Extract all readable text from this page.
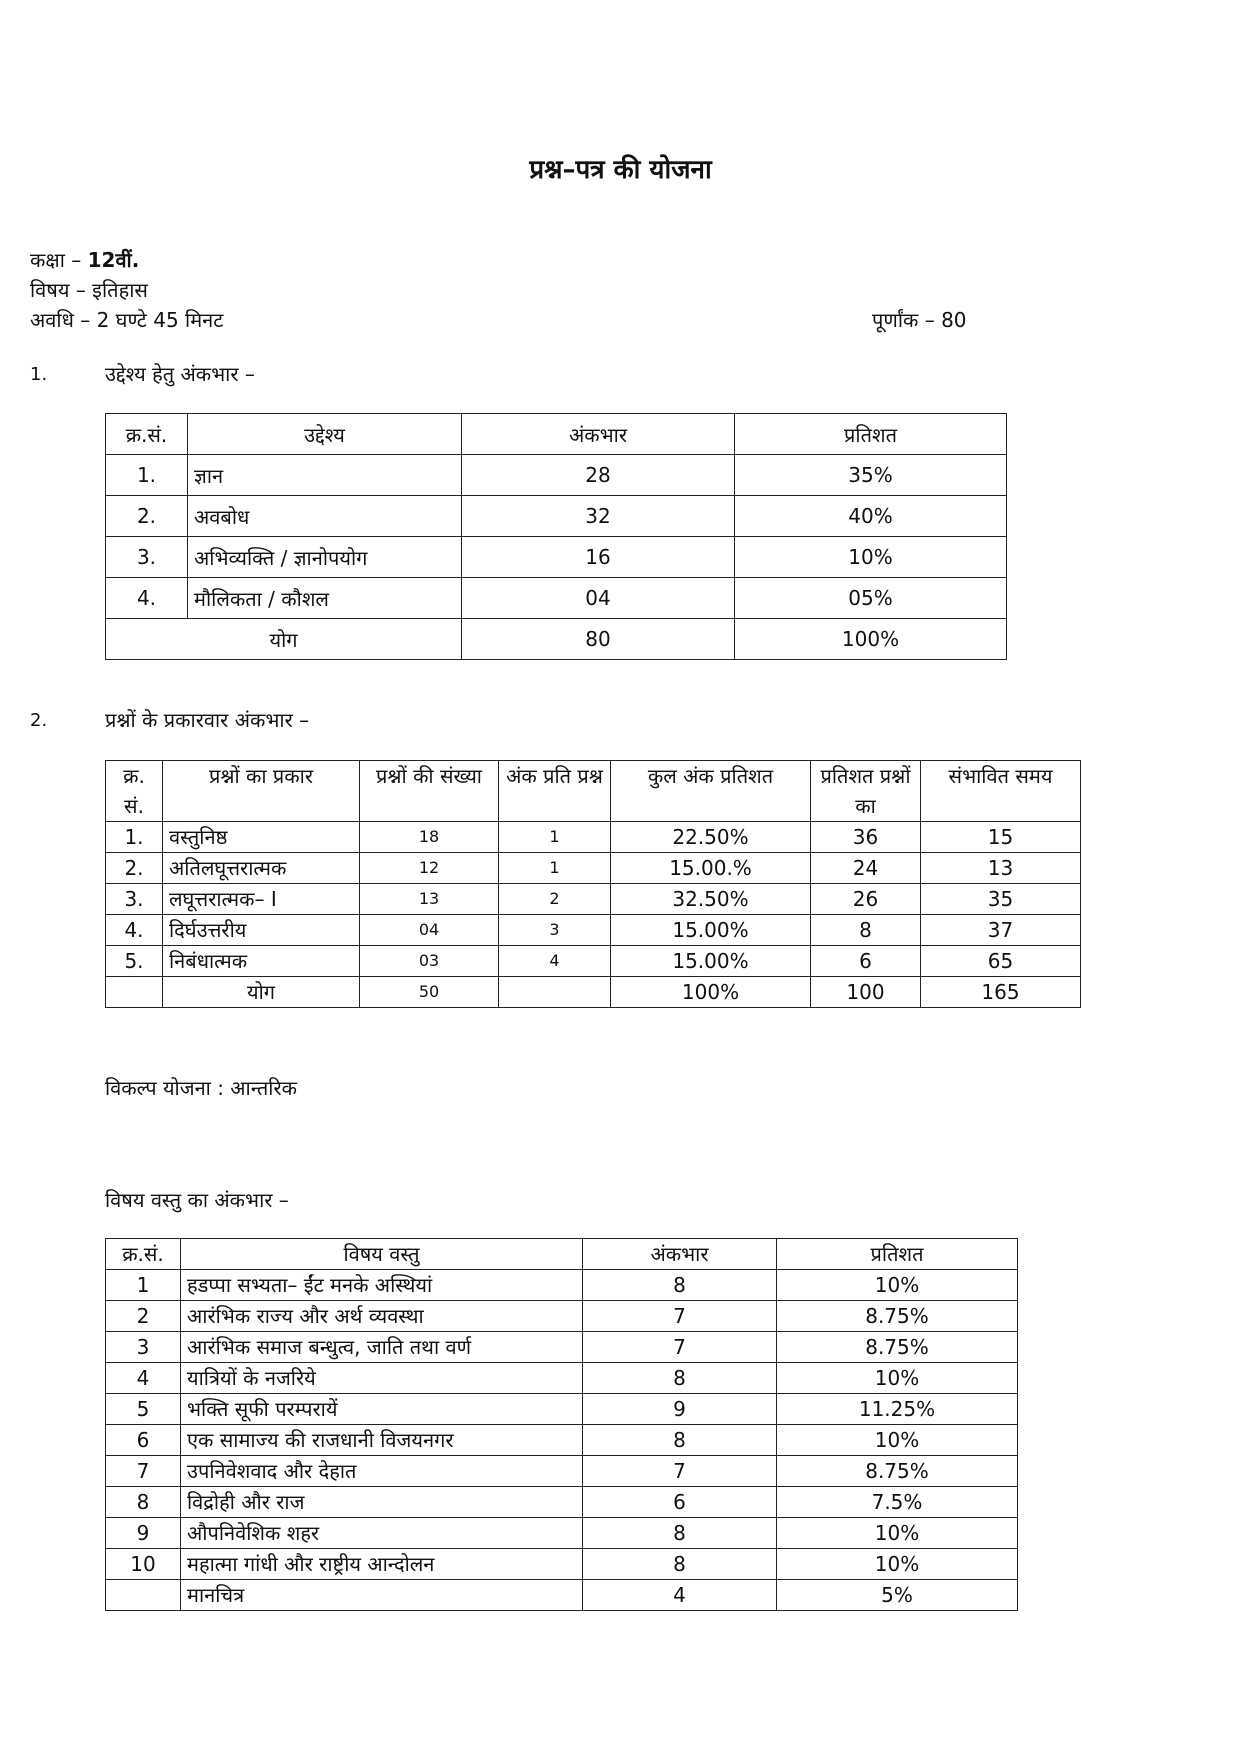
प्रश्न–पत्र की योजना
कक्षा – 12वीं.
विषय – इतिहास
अवधि – 2 घण्टे 45 मिनट	पूर्णांक – 80
1.	उद्देश्य हेतु अंकभार –
क्र.सं.	उद्देश्य	अंकभार	प्रतिशत
1.	ज्ञान	28	35%
2.	अवबोध	32	40%
3.	अभिव्यक्ति / ज्ञानोपयोग	16	10%
4.	मौलिकता / कौशल	04	05%
योग		80	100%
2.	प्रश्नों के प्रकारवार अंकभार –
क्र. सं.	प्रश्नों का प्रकार	प्रश्नों की संख्या	अंक प्रति प्रश्न	कुल अंक प्रतिशत	प्रतिशत प्रश्नों का	संभावित समय
1.	वस्तुनिष्ठ	18	1	22.50%	36	15
2.	अतिलघूत्तरात्मक	12	1	15.00.%	24	13
3.	लघूत्तरात्मक– I	13	2	32.50%	26	35
4.	दिर्घउत्तरीय	04	3	15.00%	8	37
5.	निबंधात्मक	03	4	15.00%	6	65
	योग	50		100%	100	165
विकल्प योजना : आन्तरिक
विषय वस्तु का अंकभार –
क्र.सं.	विषय वस्तु	अंकभार	प्रतिशत
1	हडप्पा सभ्यता– ईंट मनके अस्थियां	8	10%
2	आरंभिक राज्य और अर्थ व्यवस्था	7	8.75%
3	आरंभिक समाज बन्धुत्व, जाति तथा वर्ण	7	8.75%
4	यात्रियों के नजरिये	8	10%
5	भक्ति सूफी परम्परायें	9	11.25%
6	एक सामाज्य की राजधानी विजयनगर	8	10%
7	उपनिवेशवाद और देहात	7	8.75%
8	विद्रोही और राज	6	7.5%
9	औपनिवेशिक शहर	8	10%
10	महात्मा गांधी और राष्ट्रीय आन्दोलन	8	10%
	मानचित्र	4	5%
